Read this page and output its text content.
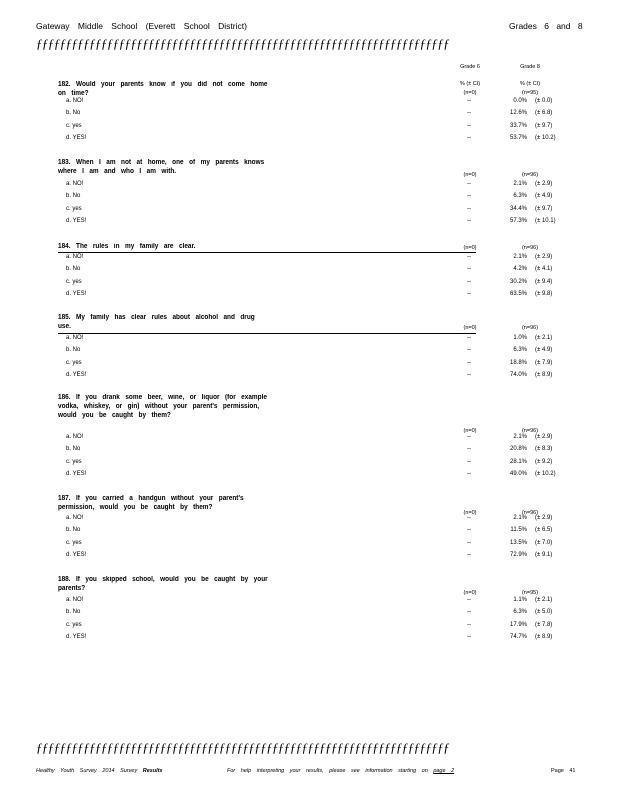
Gateway Middle School (Everett School District)	Grades 6 and 8
ƒƒƒƒƒƒƒƒƒƒƒƒƒƒƒƒƒƒƒƒƒƒƒƒƒƒƒƒƒƒƒƒƒƒƒƒƒƒƒƒƒƒƒƒƒƒƒƒƒƒƒƒƒƒƒƒƒƒƒƒƒƒƒƒƒƒƒƒƒƒ
Grade 6	Grade 8
182. Would your parents know if you did not come home on time?
% (± CI)	% (± CI)
(n=0)	(n=95)
a. NO!	--	0.0% (± 0.0)
b. No	--	12.6% (± 6.8)
c. yes	--	33.7% (± 9.7)
d. YES!	--	53.7% (± 10.2)
183. When I am not at home, one of my parents knows where I am and who I am with.	(n=0)	(n=96)
a. NO!	--	2.1% (± 2.9)
b. No	--	6.3% (± 4.9)
c. yes	--	34.4% (± 9.7)
d. YES!	--	57.3% (± 10.1)
184. The rules in my family are clear.	(n=0)	(n=96)
a. NO!	--	2.1% (± 2.9)
b. No	--	4.2% (± 4.1)
c. yes	--	30.2% (± 9.4)
d. YES!	--	63.5% (± 9.8)
185. My family has clear rules about alcohol and drug use.	(n=0)	(n=96)
a. NO!	--	1.0% (± 2.1)
b. No	--	6.3% (± 4.9)
c. yes	--	18.8% (± 7.9)
d. YES!	--	74.0% (± 8.9)
186. If you drank some beer, wine, or liquor (for example vodka, whiskey, or gin) without your parent's permission, would you be caught by them?
(n=0)	(n=96)
a. NO!	--	2.1% (± 2.9)
b. No	--	20.8% (± 8.3)
c. yes	--	28.1% (± 9.2)
d. YES!	--	49.0% (± 10.2)
187. If you carried a handgun without your parent's permission, would you be caught by them?
(n=0)	(n=96)
a. NO!	--	2.1% (± 2.9)
b. No	--	11.5% (± 6.5)
c. yes	--	13.5% (± 7.0)
d. YES!	--	72.9% (± 9.1)
188. If you skipped school, would you be caught by your parents?
(n=0)	(n=95)
a. NO!	--	1.1% (± 2.1)
b. No	--	6.3% (± 5.0)
c. yes	--	17.9% (± 7.8)
d. YES!	--	74.7% (± 8.9)
ƒƒƒƒƒƒƒƒƒƒƒƒƒƒƒƒƒƒƒƒƒƒƒƒƒƒƒƒƒƒƒƒƒƒƒƒƒƒƒƒƒƒƒƒƒƒƒƒƒƒƒƒƒƒƒƒƒƒƒƒƒƒƒƒƒƒƒƒƒƒ
Healthy Youth Survey 2014 Survey Results	For help interpreting your results, please see information starting on page 2	Page 41
